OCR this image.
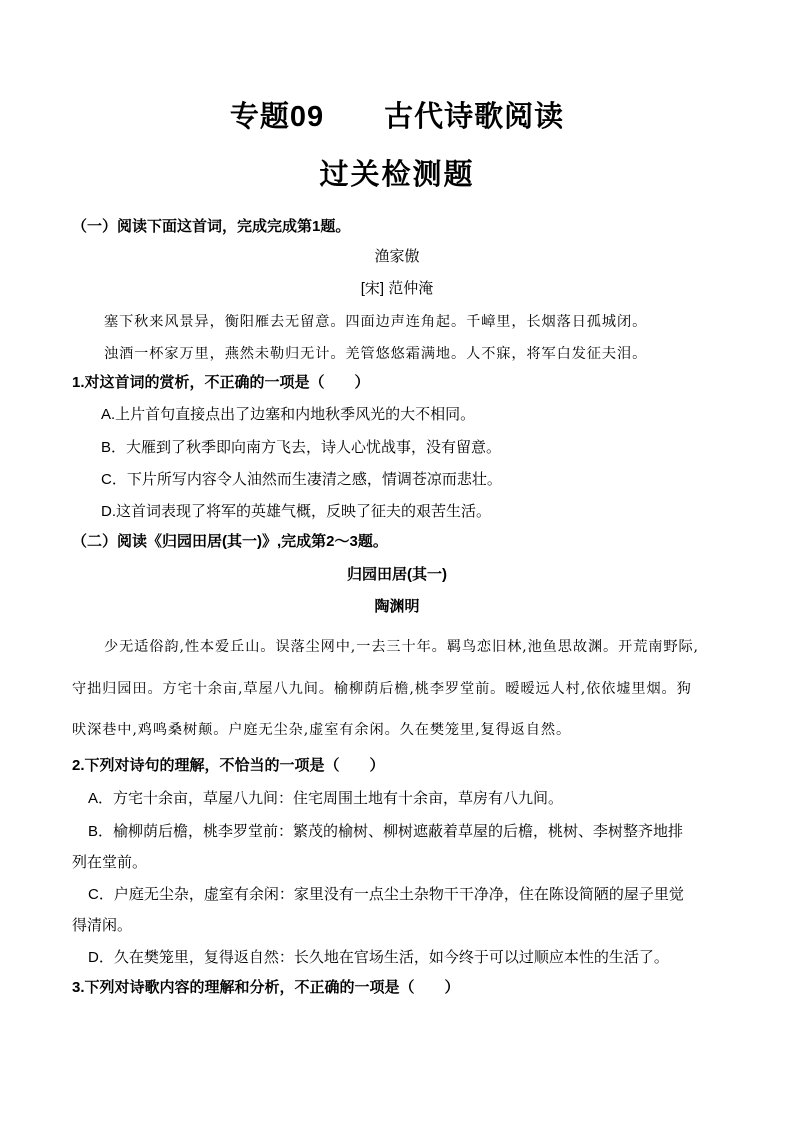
专题09　　古代诗歌阅读
过关检测题
（一）阅读下面这首词，完成完成第1题。
渔家傲
[宋] 范仲淹
塞下秋来风景异，衡阳雁去无留意。四面边声连角起。千嶂里，长烟落日孤城闭。
浊酒一杯家万里，燕然未勒归无计。羌管悠悠霜满地。人不寐，将军白发征夫泪。
1.对这首词的赏析，不正确的一项是（　　）
A.上片首句直接点出了边塞和内地秋季风光的大不相同。
B．大雁到了秋季即向南方飞去，诗人心忧战事，没有留意。
C．下片所写内容令人油然而生凄清之感，情调苍凉而悲壮。
D.这首词表现了将军的英雄气概，反映了征夫的艰苦生活。
（二）阅读《归园田居(其一)》,完成第2～3题。
归园田居(其一)
陶渊明
少无适俗韵,性本爱丘山。误落尘网中,一去三十年。羁鸟恋旧林,池鱼思故渊。开荒南野际,
守拙归园田。方宅十余亩,草屋八九间。榆柳荫后檐,桃李罗堂前。暧暧远人村,依依墟里烟。狗
吠深巷中,鸡鸣桑树颠。户庭无尘杂,虚室有余闲。久在樊笼里,复得返自然。
2.下列对诗句的理解，不恰当的一项是（　　）
A．方宅十余亩，草屋八九间：住宅周围土地有十余亩，草房有八九间。
B．榆柳荫后檐，桃李罗堂前：繁茂的榆树、柳树遮蔽着草屋的后檐，桃树、李树整齐地排
列在堂前。
C．户庭无尘杂，虚室有余闲：家里没有一点尘土杂物干干净净，住在陈设简陋的屋子里觉
得清闲。
D．久在樊笼里，复得返自然：长久地在官场生活，如今终于可以过顺应本性的生活了。
3.下列对诗歌内容的理解和分析，不正确的一项是（　　）
